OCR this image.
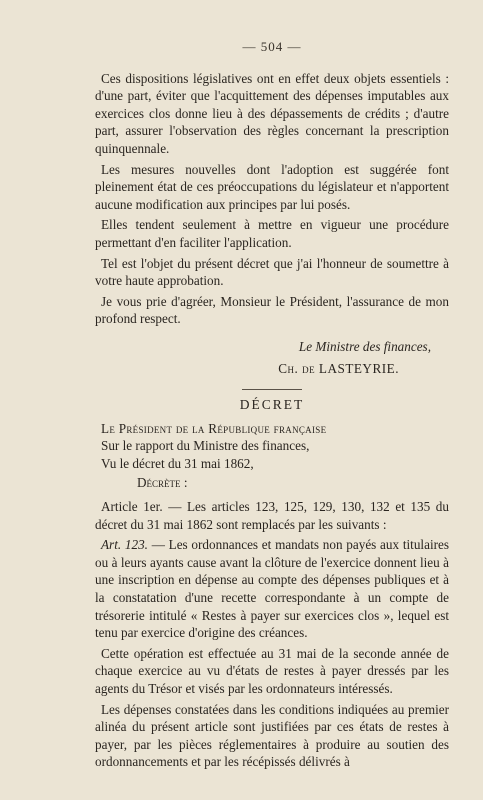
— 504 —

Ces dispositions législatives ont en effet deux objets essentiels : d'une part, éviter que l'acquittement des dépenses imputables aux exercices clos donne lieu à des dépassements de crédits ; d'autre part, assurer l'observation des règles concernant la prescription quinquennale.

Les mesures nouvelles dont l'adoption est suggérée font pleinement état de ces préoccupations du législateur et n'apportent aucune modification aux principes par lui posés.

Elles tendent seulement à mettre en vigueur une procédure permettant d'en faciliter l'application.

Tel est l'objet du présent décret que j'ai l'honneur de soumettre à votre haute approbation.

Je vous prie d'agréer, Monsieur le Président, l'assurance de mon profond respect.

Le Ministre des finances,
Ch. de LASTEYRIE.
DÉCRET

Le Président de la République française

Sur le rapport du Ministre des finances,

Vu le décret du 31 mai 1862,

Décrète :

Article 1er. — Les articles 123, 125, 129, 130, 132 et 135 du décret du 31 mai 1862 sont remplacés par les suivants :

Art. 123. — Les ordonnances et mandats non payés aux titulaires ou à leurs ayants cause avant la clôture de l'exercice donnent lieu à une inscription en dépense au compte des dépenses publiques et à la constatation d'une recette correspondante à un compte de trésorerie intitulé « Restes à payer sur exercices clos », lequel est tenu par exercice d'origine des créances.

Cette opération est effectuée au 31 mai de la seconde année de chaque exercice au vu d'états de restes à payer dressés par les agents du Trésor et visés par les ordonnateurs intéressés.

Les dépenses constatées dans les conditions indiquées au premier alinéa du présent article sont justifiées par ces états de restes à payer, par les pièces réglementaires à produire au soutien des ordonnancements et par les récépissés délivrés à
